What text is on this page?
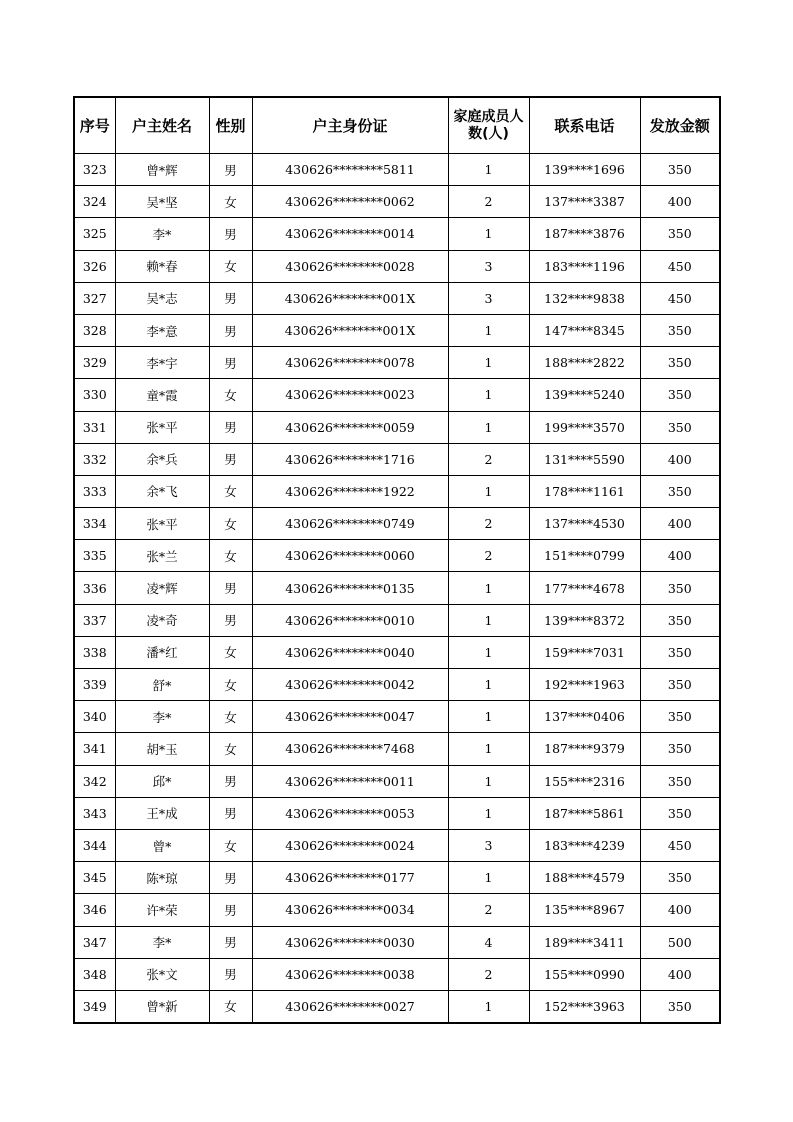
序号	户主姓名	性别	户主身份证	家庭成员人数(人)	联系电话	发放金额
323	曾*辉	男	430626********5811	1	139****1696	350
324	吴*坚	女	430626********0062	2	137****3387	400
325	李*	男	430626********0014	1	187****3876	350
326	赖*春	女	430626********0028	3	183****1196	450
327	吴*志	男	430626********001X	3	132****9838	450
328	李*意	男	430626********001X	1	147****8345	350
329	李*宇	男	430626********0078	1	188****2822	350
330	童*霞	女	430626********0023	1	139****5240	350
331	张*平	男	430626********0059	1	199****3570	350
332	余*兵	男	430626********1716	2	131****5590	400
333	余*飞	女	430626********1922	1	178****1161	350
334	张*平	女	430626********0749	2	137****4530	400
335	张*兰	女	430626********0060	2	151****0799	400
336	凌*辉	男	430626********0135	1	177****4678	350
337	凌*奇	男	430626********0010	1	139****8372	350
338	潘*红	女	430626********0040	1	159****7031	350
339	舒*	女	430626********0042	1	192****1963	350
340	李*	女	430626********0047	1	137****0406	350
341	胡*玉	女	430626********7468	1	187****9379	350
342	邱*	男	430626********0011	1	155****2316	350
343	王*成	男	430626********0053	1	187****5861	350
344	曾*	女	430626********0024	3	183****4239	450
345	陈*琼	男	430626********0177	1	188****4579	350
346	许*荣	男	430626********0034	2	135****8967	400
347	李*	男	430626********0030	4	189****3411	500
348	张*文	男	430626********0038	2	155****0990	400
349	曾*新	女	430626********0027	1	152****3963	350
